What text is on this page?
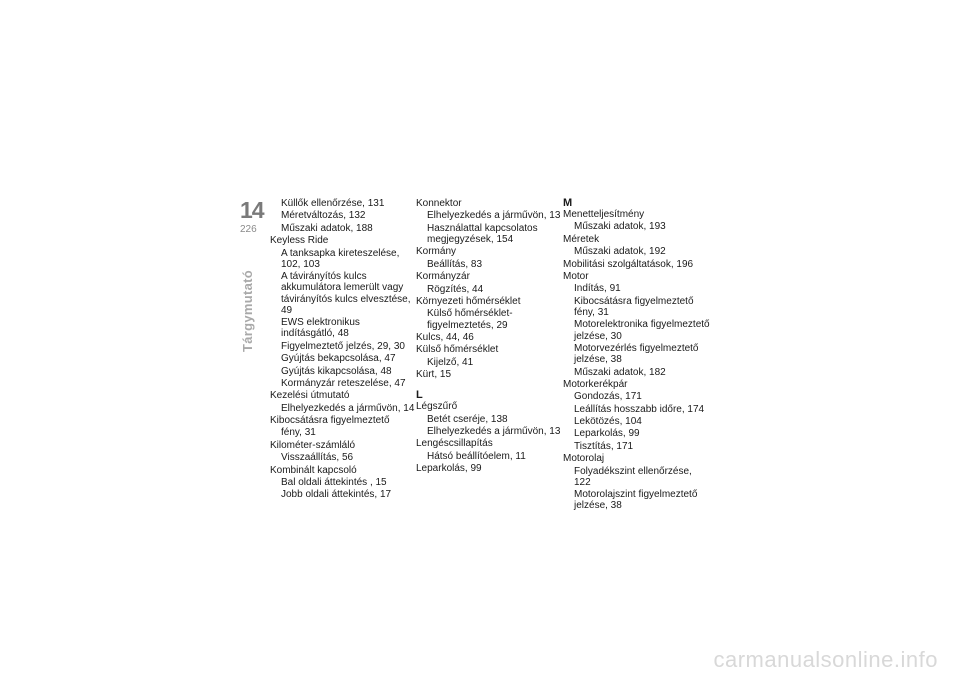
14
226
Tárgymutató
Küllők ellenőrzése, 131
Méretváltozás, 132
Műszaki adatok, 188
Keyless Ride
A tanksapka kireteszelése, 102, 103
A távirányítós kulcs akkumulátora lemerült vagy távirányítós kulcs elvesztése, 49
EWS elektronikus indításgátló, 48
Figyelmeztető jelzés, 29, 30
Gyújtás bekapcsolása, 47
Gyújtás kikapcsolása, 48
Kormányzár reteszelése, 47
Kezelési útmutató
Elhelyezkedés a járművön, 14
Kibocsátásra figyelmeztető
fény, 31
Kilométer-számláló
Visszaállítás, 56
Kombinált kapcsoló
Bal oldali áttekintés , 15
Jobb oldali áttekintés, 17
Konnektor
Elhelyezkedés a járművön, 13
Használattal kapcsolatos megjegyzések, 154
Kormány
Beállítás, 83
Kormányzár
Rögzítés, 44
Környezeti hőmérséklet
Külső hőmérséklet-figyelmeztetés, 29
Kulcs, 44, 46
Külső hőmérséklet
Kijelző, 41
Kürt, 15
L
Légszűrő
Betét cseréje, 138
Elhelyezkedés a járművön, 13
Lengéscsillapítás
Hátsó beállítóelem, 11
Leparkolás, 99
M
Menetteljesítmény
Műszaki adatok, 193
Méretek
Műszaki adatok, 192
Mobilitási szolgáltatások, 196
Motor
Indítás, 91
Kibocsátásra figyelmeztető fény, 31
Motorelektronika figyelmeztető jelzése, 30
Motorvezérlés figyelmeztető jelzése, 38
Műszaki adatok, 182
Motorkerékpár
Gondozás, 171
Leállítás hosszabb időre, 174
Lekötözés, 104
Leparkolás, 99
Tisztítás, 171
Motorolaj
Folyadékszint ellenőrzése, 122
Motorolajszint figyelmeztető jelzése, 38
carmanualsonline.info
